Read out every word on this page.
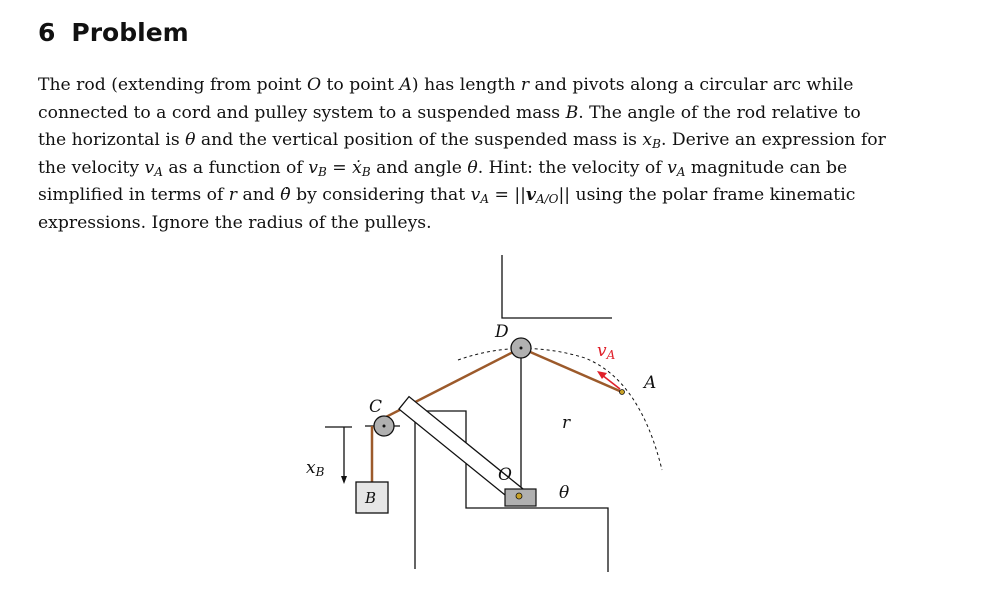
6 Problem

The rod (extending from point O to point A) has length r and pivots along a circular arc while
connected to a cord and pulley system to a suspended mass B. The angle of the rod relative to
the horizontal is θ and the vertical position of the suspended mass is $x_B$. Derive an expression for
the velocity $v_A$ as a function of $v_B$ = ẋ$_B$ and angle θ. Hint: the velocity of $v_A$ magnitude can be
simplified in terms of r and θ̇ by considering that $v_A = ||v_{A/O}||$ using the polar frame kinematic
expressions. Ignore the radius of the pulleys.

D
vA
A
C
r
xB	O
θ
B
